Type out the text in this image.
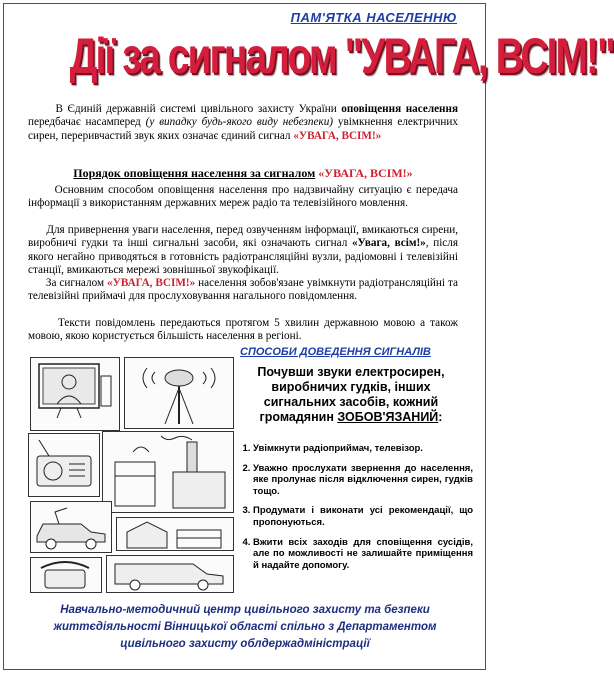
ПАМ'ЯТКА НАСЕЛЕННЮ
Дії за сигналом "УВАГА, ВСІМ!"

В Єдиній державній системі цивільного захисту України оповіщення населення передбачає насамперед (у випадку будь-якого виду небезпеки) увімкнення електричних сирен, переривчастий звук яких означає єдиний сигнал «УВАГА, ВСІМ!»

Порядок оповіщення населення за сигналом «УВАГА, ВСІМ!»

Основним способом оповіщення населення про надзвичайну ситуацію є передача інформації з використанням державних мереж радіо та телевізійного мовлення.

Для привернення уваги населення, перед озвученням інформації, вмикаються сирени, виробничі гудки та інші сигнальні засоби, які означають сигнал «Увага, всім!», після якого негайно приводяться в готовність радіотрансляційні вузли, радіомовні і телевізійні станції, вмикаються мережі зовнішньої звукофікації.

За сигналом «УВАГА, ВСІМ!» населення зобов'язане увімкнути радіотрансляційні та телевізійні приймачі для прослуховування нагального повідомлення.

Тексти повідомлень передаються протягом 5 хвилин державною мовою а також мовою, якою користується більшість населення в регіоні.

СПОСОБИ ДОВЕДЕННЯ СИГНАЛІВ
Почувши звуки електросирен, виробничих гудків, інших сигнальних засобів, кожний громадянин ЗОБОВ'ЯЗАНИЙ:
1. Увімкнути радіоприймач, телевізор.
2. Уважно прослухати звернення до населення, яке пролунає після відключення сирен, гудків тощо.
3. Продумати і виконати усі рекомендації, що пропонуються.
4. Вжити всіх заходів для сповіщення сусідів, але по можливості не залишайте приміщення й надайте допомогу.
Навчально-методичний центр цивільного захисту та безпеки життєдіяльності Вінницької області спільно з Департаментом цивільного захисту облдержадміністрації
